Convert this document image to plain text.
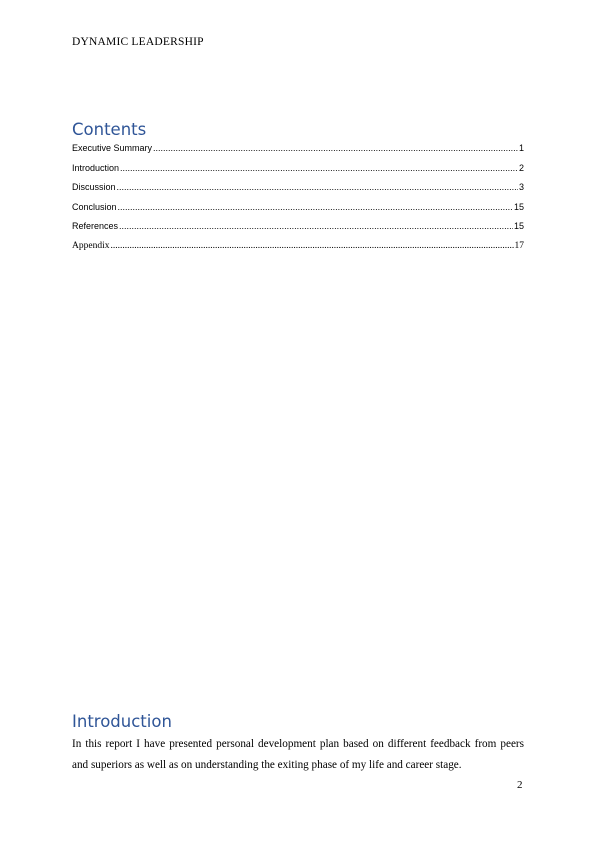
DYNAMIC LEADERSHIP
Contents
Executive Summary .....	1
Introduction .....	2
Discussion .....	3
Conclusion .....	15
References .....	15
Appendix .....	17
Introduction
In this report I have presented personal development plan based on different feedback from peers and superiors as well as on understanding the exiting phase of my life and career stage.
2
